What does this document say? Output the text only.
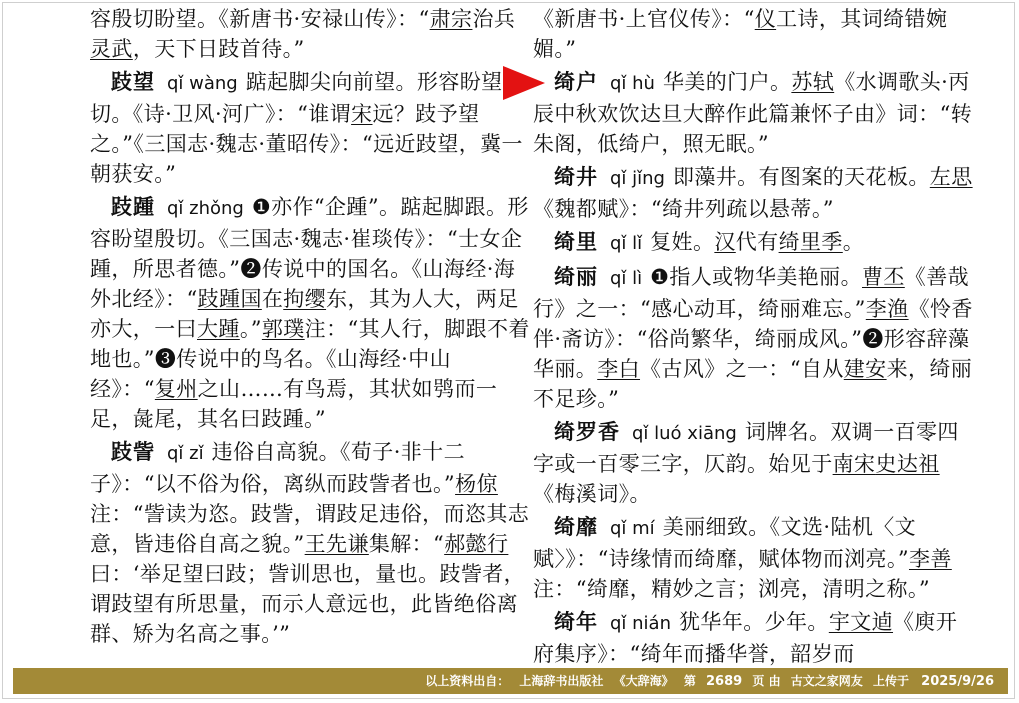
容殷切盼望。《新唐书·安禄山传》：“肃宗治兵灵武，天下日跂首待。”

跂望 qǐ wàng 踮起脚尖向前望。形容盼望心切。《诗·卫风·河广》：“谁谓宋远？跂予望之。”《三国志·魏志·董昭传》：“远近跂望，冀一朝获安。”

跂踵 qǐ zhǒng ❶亦作“企踵”。踮起脚跟。形容盼望殷切。《三国志·魏志·崔琰传》：“士女企踵，所思者德。”❷传说中的国名。《山海经·海外北经》：“跂踵国在拘缨东，其为人大，两足亦大，一曰大踵。”郭璞注：“其人行，脚跟不着地也。”❸传说中的鸟名。《山海经·中山经》：“复州之山……有鸟焉，其状如鸮而一足，彘尾，其名曰跂踵。”

跂訾 qǐ zǐ 违俗自高貌。《荀子·非十二子》：“以不俗为俗，离纵而跂訾者也。”杨倞注：“訾读为恣。跂訾，谓跂足违俗，而恣其志意，皆违俗自高之貌。”王先谦集解：“郝懿行曰：‘举足望曰跂；訾训思也，量也。跂訾者，谓跂望有所思量，而示人意远也，此皆绝俗离群、矫为名高之事。’”

《新唐书·上官仪传》：“仪工诗，其词绮错婉媚。”

绮户 qǐ hù 华美的门户。苏轼《水调歌头·丙辰中秋欢饮达旦大醉作此篇兼怀子由》词：“转朱阁，低绮户，照无眠。”

绮井 qǐ jǐng 即藻井。有图案的天花板。左思《魏都赋》：“绮井列疏以悬蒂。”

绮里 qǐ lǐ 复姓。汉代有绮里季。

绮丽 qǐ lì ❶指人或物华美艳丽。曹丕《善哉行》之一：“感心动耳，绮丽难忘。”李渔《怜香伴·斋访》：“俗尚繁华，绮丽成风。”❷形容辞藻华丽。李白《古风》之一：“自从建安来，绮丽不足珍。”

绮罗香 qǐ luó xiāng 词牌名。双调一百零四字或一百零三字，仄韵。始见于南宋史达祖《梅溪词》。

绮靡 qǐ mí 美丽细致。《文选·陆机〈文赋〉》：“诗缘情而绮靡，赋体物而浏亮。”李善注：“绮靡，精妙之言；浏亮，清明之称。”

绮年 qǐ nián 犹华年。少年。宇文逌《庾开府集序》：“绮年而播华誉，韶岁而

以上资料出自： 上海辞书出版社 《大辞海》 第 2689 页 由 古文之家网友 上传于 2025/9/26
